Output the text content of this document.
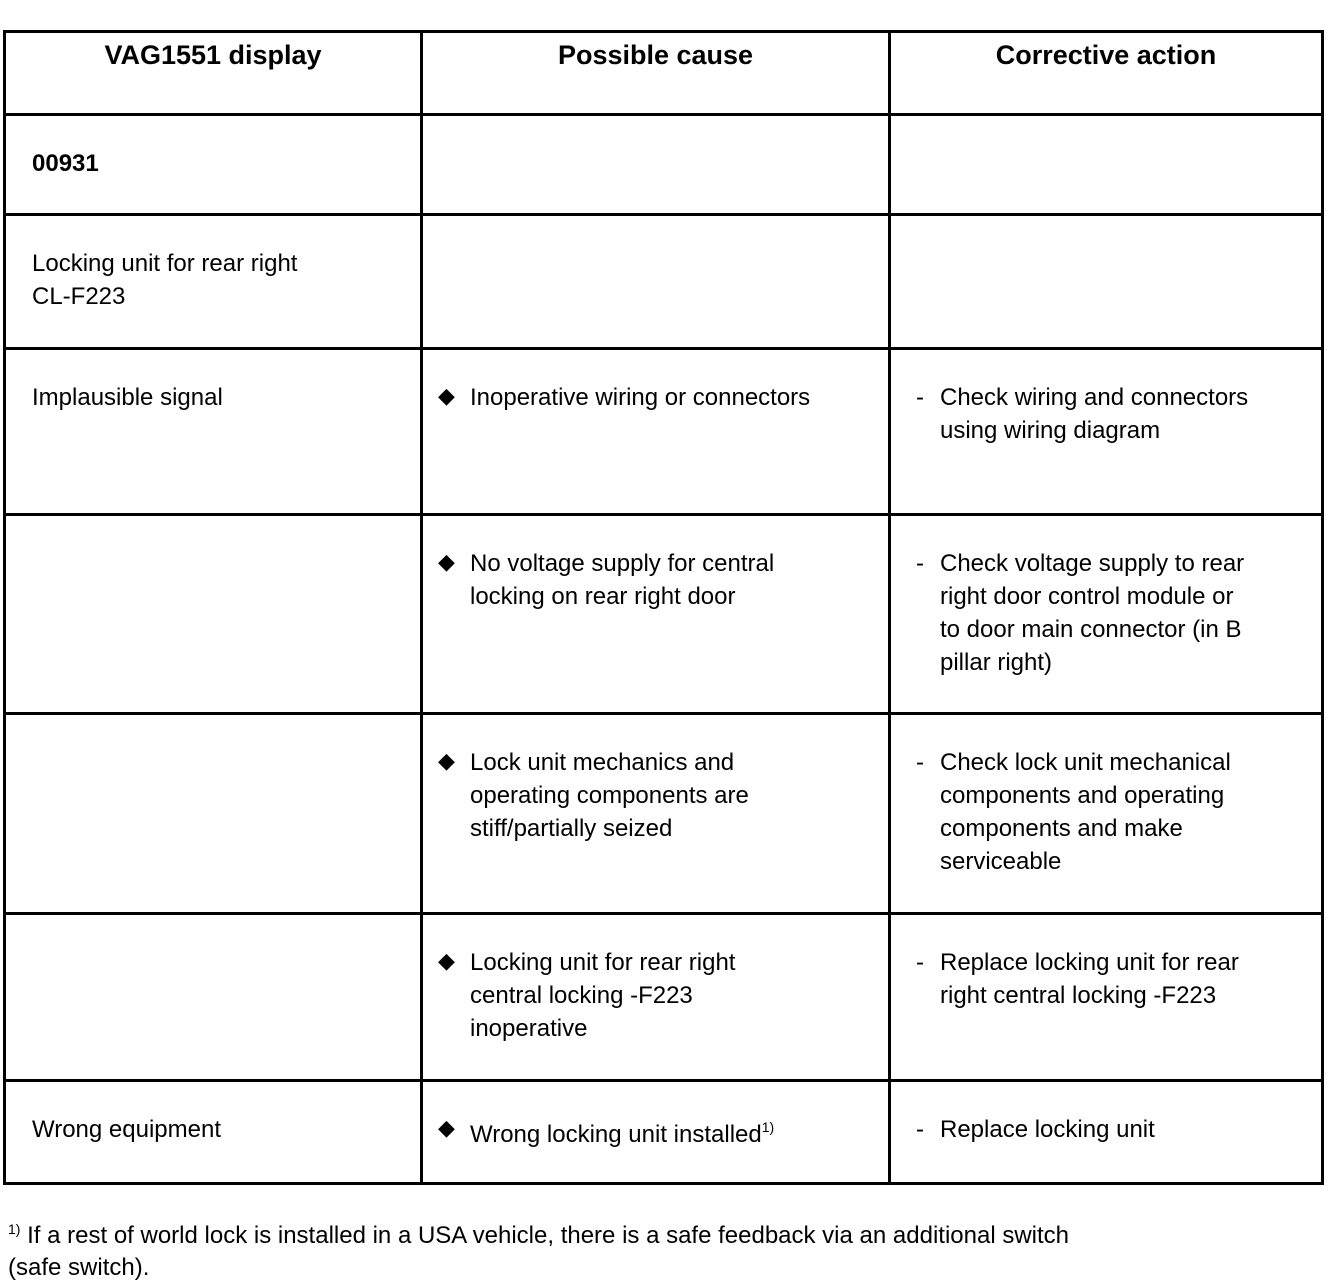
VAG1551 display	Possible cause	Corrective action
00931		

Locking unit for rear right CL-F223		

Implausible signal	◆ Inoperative wiring or connectors	- Check wiring and connectors using wiring diagram

	◆ No voltage supply for central locking on rear right door	- Check voltage supply to rear right door control module or to door main connector (in B pillar right)

	◆ Lock unit mechanics and operating components are stiff/partially seized	- Check lock unit mechanical components and operating components and make serviceable

	◆ Locking unit for rear right central locking -F223 inoperative	- Replace locking unit for rear right central locking -F223

Wrong equipment	◆ Wrong locking unit installed$^{1)}$	- Replace locking unit
$^{1)}$ If a rest of world lock is installed in a USA vehicle, there is a safe feedback via an additional switch (safe switch).
